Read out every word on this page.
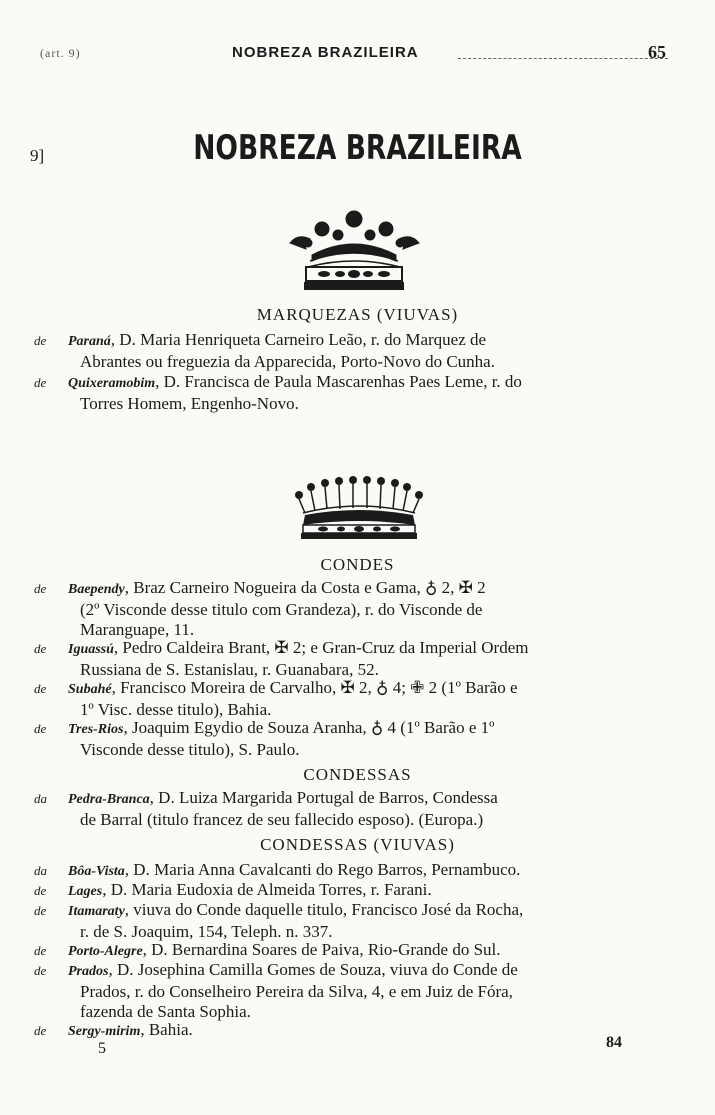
(art. 9)	NOBREZA BRAZILEIRA	65
9]	NOBREZA BRAZILEIRA
MARQUEZAS (VIUVAS)
de Paraná, D. Maria Henriqueta Carneiro Leão, r. do Marquez de
Abrantes ou freguezia da Apparecida, Porto-Novo do Cunha.
de Quixeramobim, D. Francisca de Paula Mascarenhas Paes Leme, r. do
Torres Homem, Engenho-Novo.
CONDES
de Baependy, Braz Carneiro Nogueira da Costa e Gama, ♁ 2, ✠ 2
(2º Visconde desse titulo com Grandeza), r. do Visconde de
Maranguape, 11.
de Iguassú, Pedro Caldeira Brant, ✠ 2; e Gran-Cruz da Imperial Ordem
Russiana de S. Estanislau, r. Guanabara, 52.
de Subahé, Francisco Moreira de Carvalho, ✠ 2, ♁ 4; ✙ 2 (1º Barão e
1º Visc. desse titulo), Bahia.
de Tres-Rios, Joaquim Egydio de Souza Aranha, ♁ 4 (1º Barão e 1º
Visconde desse titulo), S. Paulo.
CONDESSAS
da Pedra-Branca, D. Luiza Margarida Portugal de Barros, Condessa
de Barral (titulo francez de seu fallecido esposo). (Europa.)
CONDESSAS (VIUVAS)
da Bôa-Vista, D. Maria Anna Cavalcanti do Rego Barros, Pernambuco.
de Lages, D. Maria Eudoxia de Almeida Torres, r. Farani.
de Itamaraty, viuva do Conde daquelle titulo, Francisco José da Rocha,
r. de S. Joaquim, 154, Teleph. n. 337.
de Porto-Alegre, D. Bernardina Soares de Paiva, Rio-Grande do Sul.
de Prados, D. Josephina Camilla Gomes de Souza, viuva do Conde de
Prados, r. do Conselheiro Pereira da Silva, 4, e em Juiz de Fóra,
fazenda de Santa Sophia.
de Sergy-mirim, Bahia.
5	84
